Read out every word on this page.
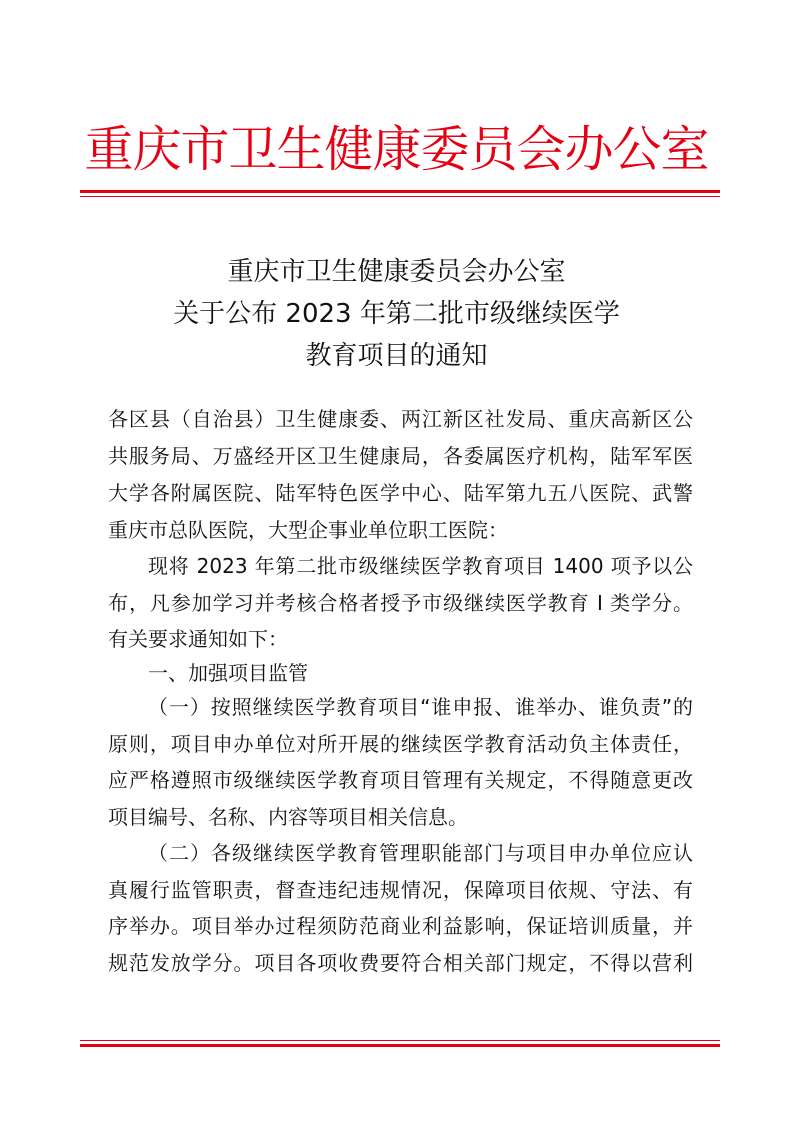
重庆市卫生健康委员会办公室
重庆市卫生健康委员会办公室
关于公布 2023 年第二批市级继续医学
教育项目的通知
各区县（自治县）卫生健康委、两江新区社发局、重庆高新区公
共服务局、万盛经开区卫生健康局，各委属医疗机构，陆军军医
大学各附属医院、陆军特色医学中心、陆军第九五八医院、武警
重庆市总队医院，大型企事业单位职工医院：
现将 2023 年第二批市级继续医学教育项目 1400 项予以公
布，凡参加学习并考核合格者授予市级继续医学教育 I 类学分。
有关要求通知如下：
一、加强项目监管
（一）按照继续医学教育项目“谁申报、谁举办、谁负责”的
原则，项目申办单位对所开展的继续医学教育活动负主体责任，
应严格遵照市级继续医学教育项目管理有关规定，不得随意更改
项目编号、名称、内容等项目相关信息。
（二）各级继续医学教育管理职能部门与项目申办单位应认
真履行监管职责，督查违纪违规情况，保障项目依规、守法、有
序举办。项目举办过程须防范商业利益影响，保证培训质量，并
规范发放学分。项目各项收费要符合相关部门规定，不得以营利
